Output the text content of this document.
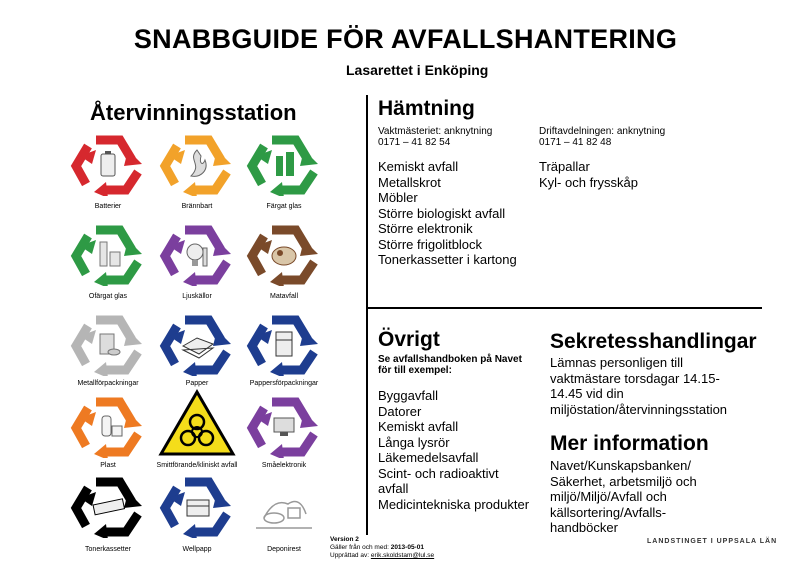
SNABBGUIDE FÖR AVFALLSHANTERING
Lasarettet i Enköping
Återvinningsstation
Batterier	Brännbart	Färgat glas
Ofärgat glas	Ljuskällor	Matavfall
Metallförpackningar	Papper	Pappersförpackningar
Plast	Smittförande/kliniskt avfall	Småelektronik
Tonerkassetter	Wellpapp	Deponirest
Hämtning
Vaktmästeriet: anknytning
0171 – 41 82 54
Driftavdelningen: anknytning
0171 – 41 82 48
Kemiskt avfall
Metallskrot
Möbler
Större biologiskt avfall
Större elektronik
Större frigolitblock
Tonerkassetter i kartong
Träpallar
Kyl- och frysskåp
Övrigt
Se avfallshandboken på Navet
för till exempel:
Byggavfall
Datorer
Kemiskt avfall
Långa lysrör
Läkemedelsavfall
Scint- och radioaktivt
avfall
Medicintekniska produkter
Sekretesshandlingar
Lämnas personligen till
vaktmästare torsdagar 14.15-
14.45 vid din
miljöstation/återvinningsstation
Mer information
Navet/Kunskapsbanken/
Säkerhet, arbetsmiljö och
miljö/Miljö/Avfall och
källsortering/Avfalls-
handböcker
Version 2
Gäller från och med: 2013-05-01
Upprättad av: erik.skoldstam@lul.se
LANDSTINGET I UPPSALA LÄN
